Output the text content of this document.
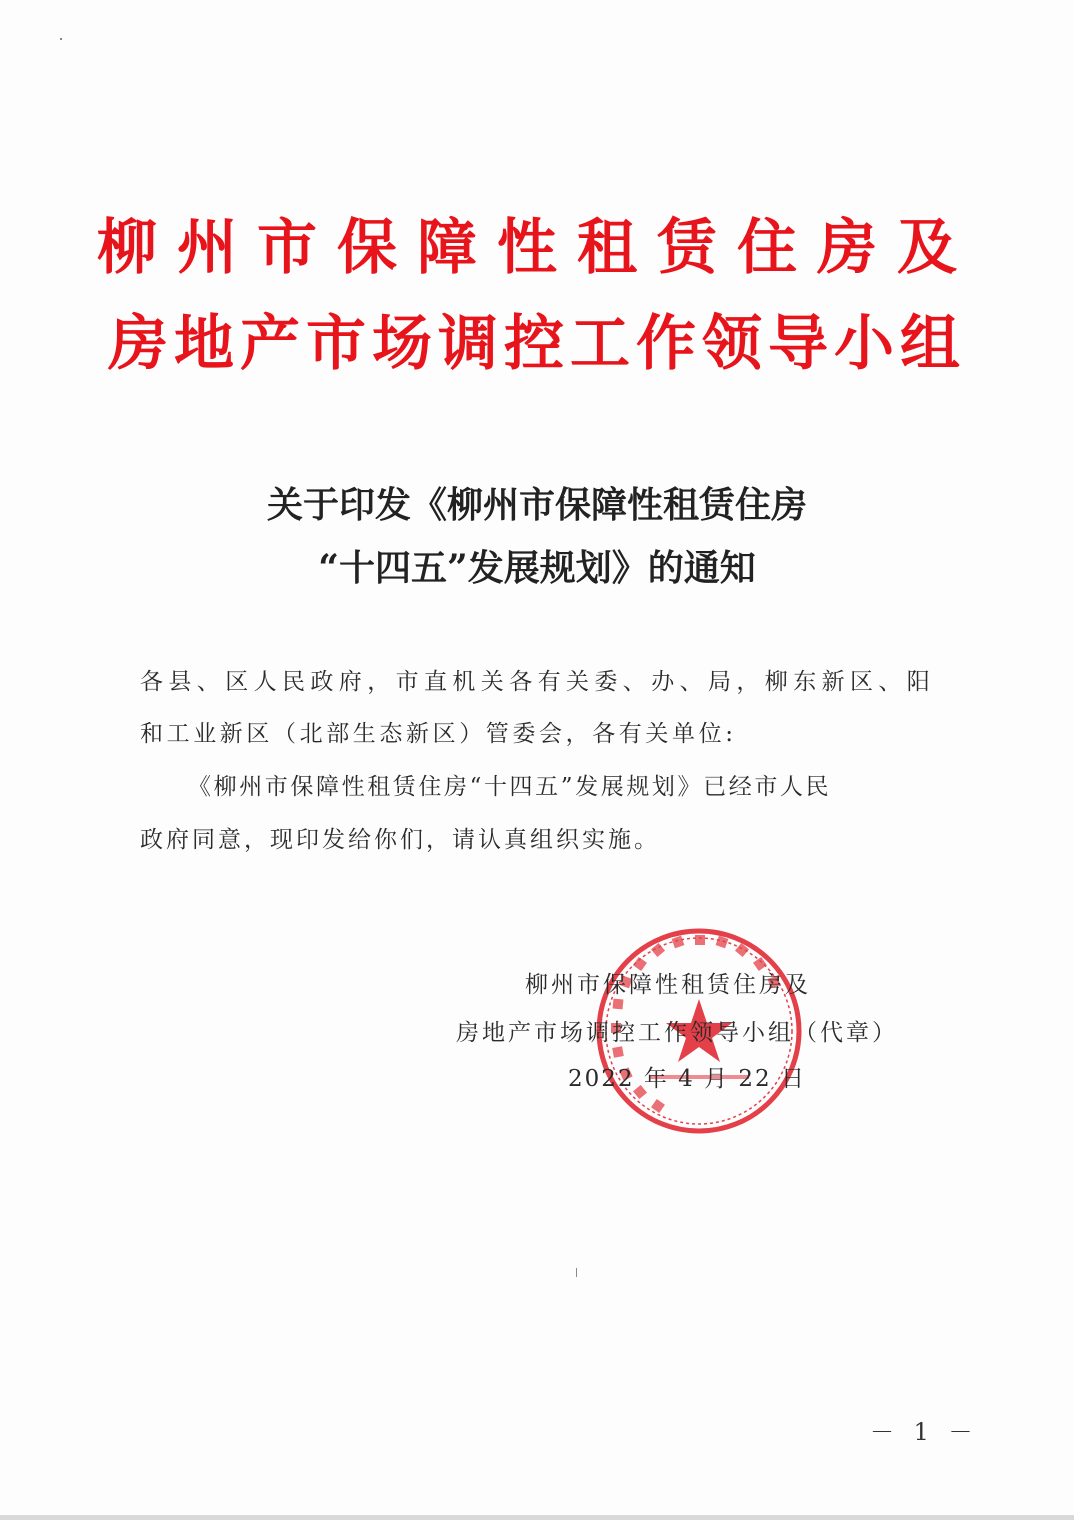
柳州市保障性租赁住房及
房地产市场调控工作领导小组
关于印发《柳州市保障性租赁住房
“十四五”发展规划》的通知
各县、区人民政府，市直机关各有关委、办、局，柳东新区、阳
和工业新区（北部生态新区）管委会，各有关单位:
《柳州市保障性租赁住房“十四五”发展规划》已经市人民
政府同意，现印发给你们，请认真组织实施。
柳州市保障性租赁住房及
房地产市场调控工作领导小组（代章）
2022 年 4 月 22 日
－ 1 －
